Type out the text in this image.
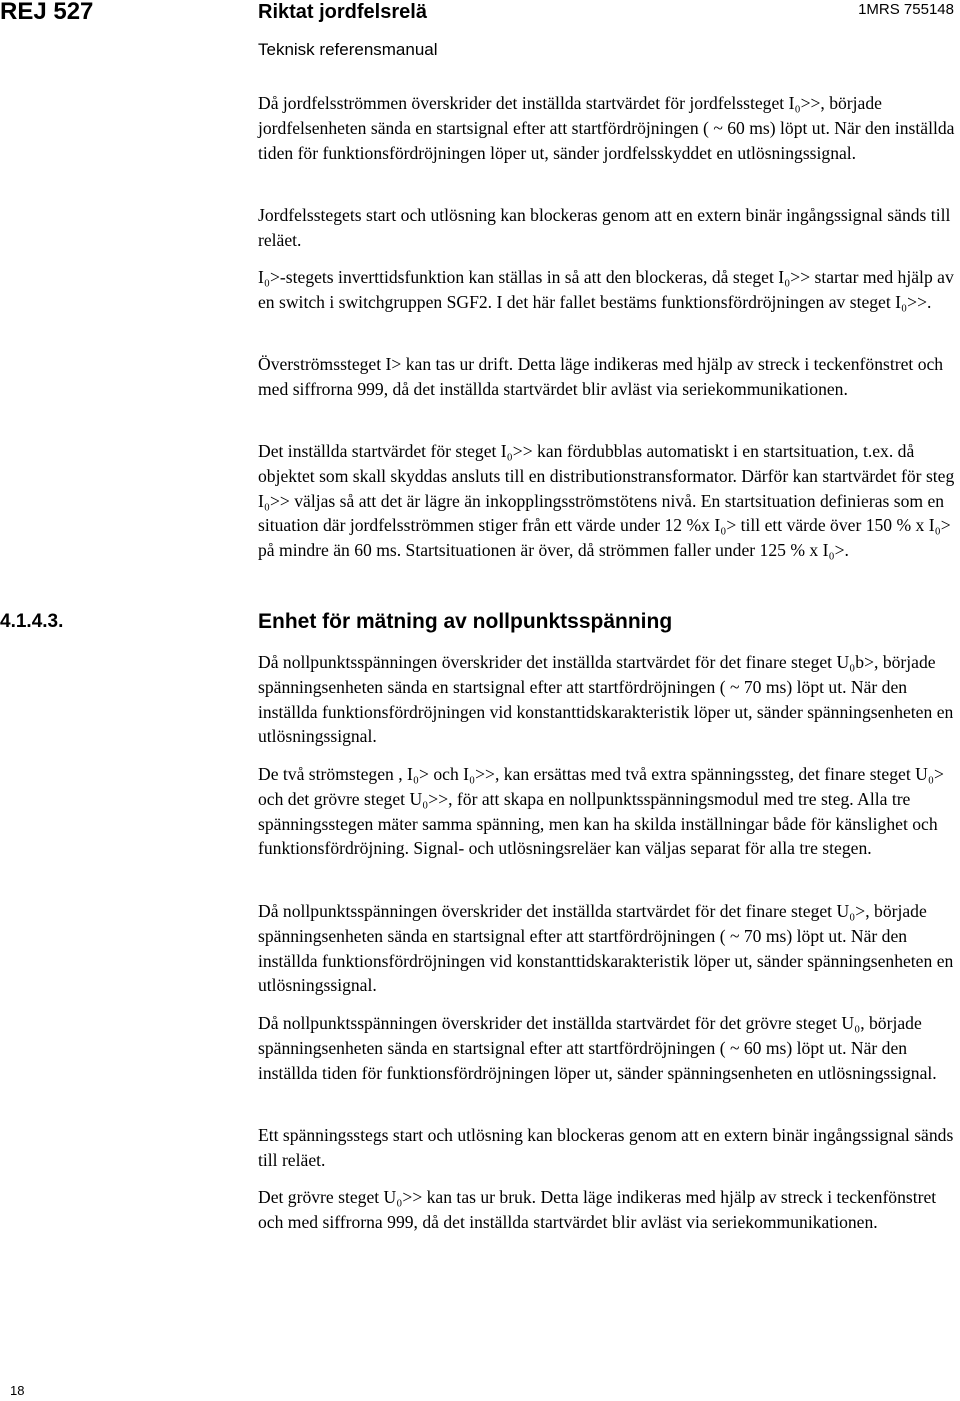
REJ 527	Riktat jordfelsrelä	1MRS 755148
Teknisk referensmanual

Då jordfelsströmmen överskrider det inställda startvärdet för jordfelssteget I₀>>, började jordfelsenheten sända en startsignal efter att startfördröjningen ( ~ 60 ms) löpt ut. När den inställda tiden för funktionsfördröjningen löper ut, sänder jordfelsskyddet en utlösningssignal.

Jordfelsstegets start och utlösning kan blockeras genom att en extern binär ingångssignal sänds till reläet.

I₀>-stegets inverttidsfunktion kan ställas in så att den blockeras, då steget I₀>> startar med hjälp av en switch i switchgruppen SGF2. I det här fallet bestäms funktionsfördröjningen av steget I₀>>.

Överströmssteget I> kan tas ur drift. Detta läge indikeras med hjälp av streck i teckenfönstret och med siffrorna 999, då det inställda startvärdet blir avläst via seriekommunikationen.

Det inställda startvärdet för steget I₀>> kan fördubblas automatiskt i en startsituation, t.ex. då objektet som skall skyddas ansluts till en distributionstransformator. Därför kan startvärdet för steg I₀>> väljas så att det är lägre än inkopplingsströmstötens nivå. En startsituation definieras som en situation där jordfelsströmmen stiger från ett värde under 12 %x I₀> till ett värde över 150 % x I₀> på mindre än 60 ms. Startsituationen är över, då strömmen faller under 125 % x I₀>.

4.1.4.3.	Enhet för mätning av nollpunktsspänning

Då nollpunktsspänningen överskrider det inställda startvärdet för det finare steget U₀b>, började spänningsenheten sända en startsignal efter att startfördröjningen ( ~ 70 ms) löpt ut. När den inställda funktionsfördröjningen vid konstanttidskarakteristik löper ut, sänder spänningsenheten en utlösningssignal.

De två strömstegen , I₀> och I₀>>, kan ersättas med två extra spänningssteg, det finare steget U₀> och det grövre steget U₀>>, för att skapa en nollpunktsspänningsmodul med tre steg. Alla tre spänningsstegen mäter samma spänning, men kan ha skilda inställningar både för känslighet och funktionsfördröjning. Signal- och utlösningsreläer kan väljas separat för alla tre stegen.

Då nollpunktsspänningen överskrider det inställda startvärdet för det finare steget U₀>, började spänningsenheten sända en startsignal efter att startfördröjningen ( ~ 70 ms) löpt ut. När den inställda funktionsfördröjningen vid konstanttidskarakteristik löper ut, sänder spänningsenheten en utlösningssignal.

Då nollpunktsspänningen överskrider det inställda startvärdet för det grövre steget U₀, började spänningsenheten sända en startsignal efter att startfördröjningen ( ~ 60 ms) löpt ut. När den inställda tiden för funktionsfördröjningen löper ut, sänder spänningsenheten en utlösningssignal.

Ett spänningsstegs start och utlösning kan blockeras genom att en extern binär ingångssignal sänds till reläet.

Det grövre steget U₀>> kan tas ur bruk. Detta läge indikeras med hjälp av streck i teckenfönstret och med siffrorna 999, då det inställda startvärdet blir avläst via seriekommunikationen.

18
